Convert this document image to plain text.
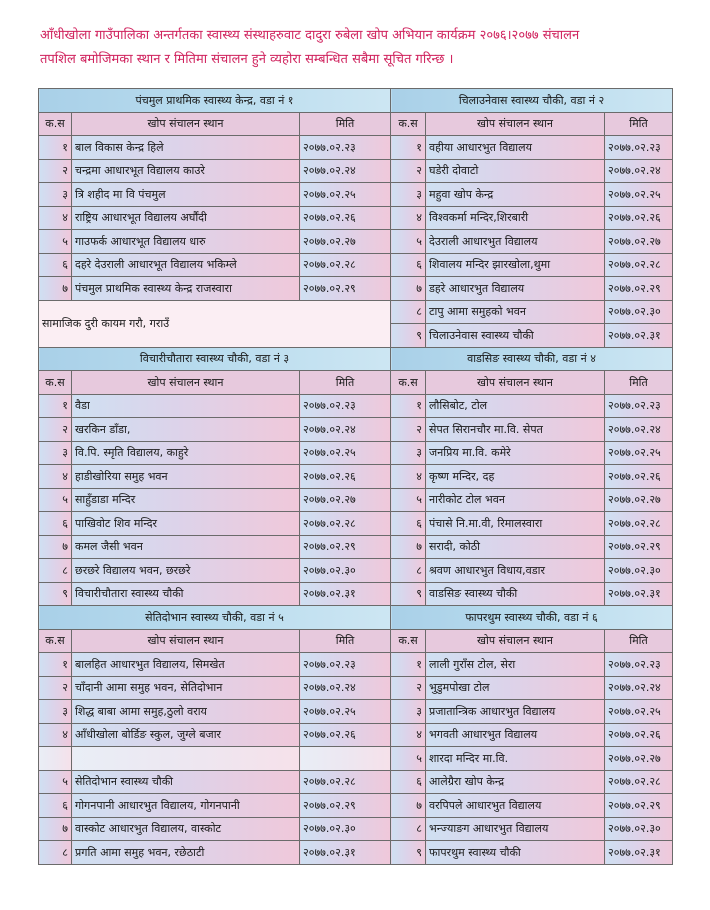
आँधीखोला गाउँपालिका अन्तर्गतका स्वास्थ्य संस्थाहरुवाट दादुरा रुबेला खोप अभियान कार्यक्रम २०७६।२०७७ संचालन

तपशिल बमोजिमका स्थान र मितिमा संचालन हुने व्यहोरा सम्बन्धित सबैमा सूचित गरिन्छ ।

पंचमुल प्राथमिक स्वास्थ्य केन्द्र, वडा नं १			चिलाउनेवास स्वास्थ्य चौकी, वडा नं २		
क.स	खोप संचालन स्थान	मिति	क.स	खोप संचालन स्थान	मिति
१	बाल विकास केन्द्र हिले	२०७७.०२.२३	१	वहीया आधारभुत विद्यालय	२०७७.०२.२३
२	चन्द्रमा आधारभूत विद्यालय काउरे	२०७७.०२.२४	२	घडेरी दोवाटो	२०७७.०२.२४
३	त्रि शहीद मा वि पंचमुल	२०७७.०२.२५	३	महुवा खोप केन्द्र	२०७७.०२.२५
४	राष्ट्रिय आधारभूत विद्यालय अर्घौंदी	२०७७.०२.२६	४	विश्वकर्मा मन्दिर,शिरबारी	२०७७.०२.२६
५	गाउफर्क आधारभूत विद्यालय धारु	२०७७.०२.२७	५	देउराली आधारभुत विद्यालय	२०७७.०२.२७
६	दहरे देउराली आधारभूत विद्यालय भकिम्ले	२०७७.०२.२८	६	शिवालय मन्दिर झारखोला,थुमा	२०७७.०२.२८
७	पंचमुल प्राथमिक स्वास्थ्य केन्द्र राजस्वारा	२०७७.०२.२९	७	डहरे आधारभुत विद्यालय	२०७७.०२.२९
सामाजिक दुरी कायम गरौ, गराउँ			८	टापु आमा समुहको भवन	२०७७.०२.३०
			९	चिलाउनेवास स्वास्थ्य चौकी	२०७७.०२.३१
विचारीचौतारा स्वास्थ्य चौकी, वडा नं ३			वाडसिङ स्वास्थ्य चौकी, वडा नं ४		
क.स	खोप संचालन स्थान	मिति	क.स	खोप संचालन स्थान	मिति
१	वैडा	२०७७.०२.२३	१	लौसिबोट, टोल	२०७७.०२.२३
२	खरकिन डाँडा,	२०७७.०२.२४	२	सेपत सिरानचौर मा.वि. सेपत	२०७७.०२.२४
३	वि.पि. स्मृति विद्यालय, काहुरे	२०७७.०२.२५	३	जनप्रिय मा.वि. कमेरे	२०७७.०२.२५
४	हाडीखोरिया समुह भवन	२०७७.०२.२६	४	कृष्ण मन्दिर, दह	२०७७.०२.२६
५	साहुँडाडा मन्दिर	२०७७.०२.२७	५	नारीकोट टोल भवन	२०७७.०२.२७
६	पाखिवोट शिव मन्दिर	२०७७.०२.२८	६	पंचासे नि.मा.वी, रिमालस्वारा	२०७७.०२.२८
७	कमल जैसी भवन	२०७७.०२.२९	७	सरादी, कोठी	२०७७.०२.२९
८	छरछरे विद्यालय भवन, छरछरे	२०७७.०२.३०	८	श्रवण आधारभुत विधाय,वडार	२०७७.०२.३०
९	विचारीचौतारा स्वास्थ्य चौकी	२०७७.०२.३१	९	वाडसिङ स्वास्थ्य चौकी	२०७७.०२.३१
सेतिदोभान स्वास्थ्य चौकी, वडा नं ५			फापरथुम स्वास्थ्य चौकी, वडा नं ६		
क.स	खोप संचालन स्थान	मिति	क.स	खोप संचालन स्थान	मिति
१	बालहित आधारभुत विद्यालय, सिमखेत	२०७७.०२.२३	१	लाली गुराँस टोल, सेरा	२०७७.०२.२३
२	चाँदानी आमा समुह भवन, सेतिदोभान	२०७७.०२.२४	२	भुडुमपोखा टोल	२०७७.०२.२४
३	शिद्ध बाबा आमा समुह,ठुलो वराय	२०७७.०२.२५	३	प्रजातान्त्रिक आधारभुत विद्यालय	२०७७.०२.२५
४	आँधीखोला बोर्डिङ स्कुल, जुग्ले बजार	२०७७.०२.२६	४	भगवती आधारभुत विद्यालय	२०७७.०२.२६
			५	शारदा मन्दिर मा.वि.	२०७७.०२.२७
५	सेतिदोभान स्वास्थ्य चौकी	२०७७.०२.२८	६	आलेग्रैरा खोप केन्द्र	२०७७.०२.२८
६	गोगनपानी आधारभुत विद्यालय, गोगनपानी	२०७७.०२.२९	७	वरपिपले आधारभुत विद्यालय	२०७७.०२.२९
७	वास्कोट आधारभुत विद्यालय, वास्कोट	२०७७.०२.३०	८	भन्ज्याङग आधारभुत विद्यालय	२०७७.०२.३०
८	प्रगति आमा समुह भवन, रछेठाटी	२०७७.०२.३१	९	फापरथुम स्वास्थ्य चौकी	२०७७.०२.३१
